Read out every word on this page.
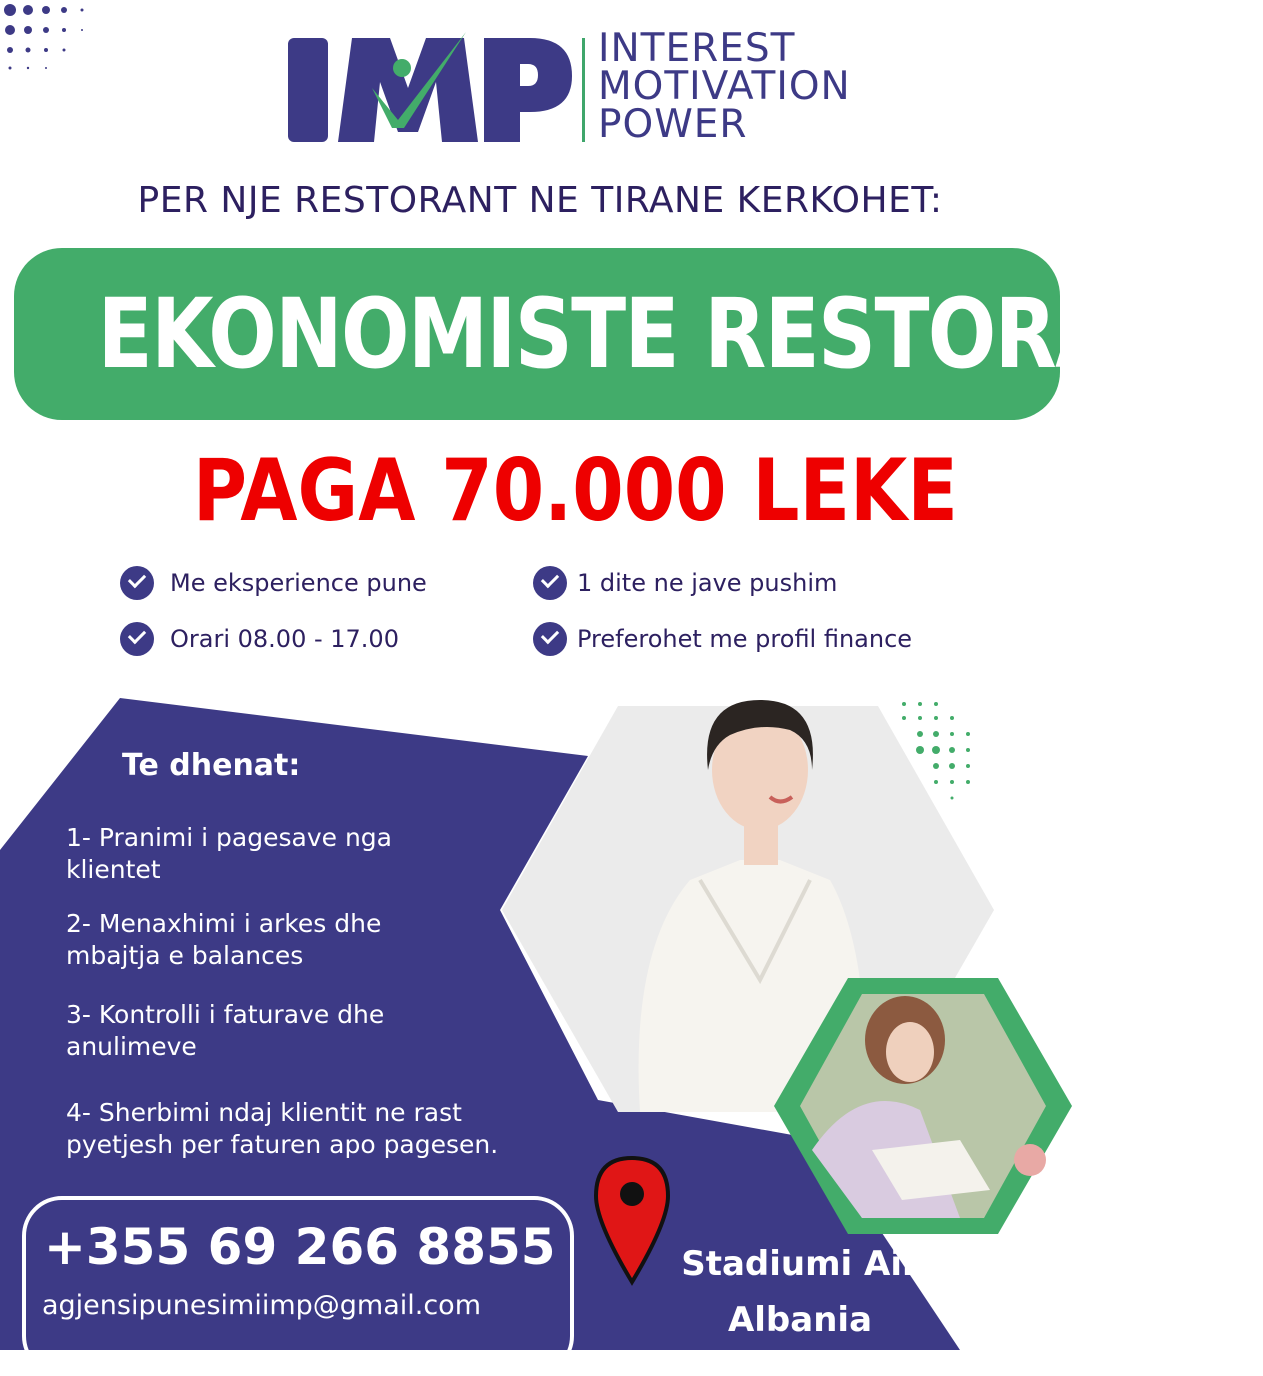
INTEREST
MOTIVATION
POWER
PER NJE RESTORANT NE TIRANE KERKOHET:
EKONOMISTE RESTORANTI
PAGA 70.000 LEKE
Me eksperience pune	1 dite ne jave pushim
Orari 08.00 - 17.00	Preferohet me profil finance
Te dhenat:
1- Pranimi i pagesave nga klientet
2- Menaxhimi i arkes dhe mbajtja e balances
3- Kontrolli i faturave dhe anulimeve
4- Sherbimi ndaj klientit ne rast pyetjesh per faturen apo pagesen.
+355 69 266 8855
agjensipunesimiimp@gmail.com
Stadiumi Air
Albania
